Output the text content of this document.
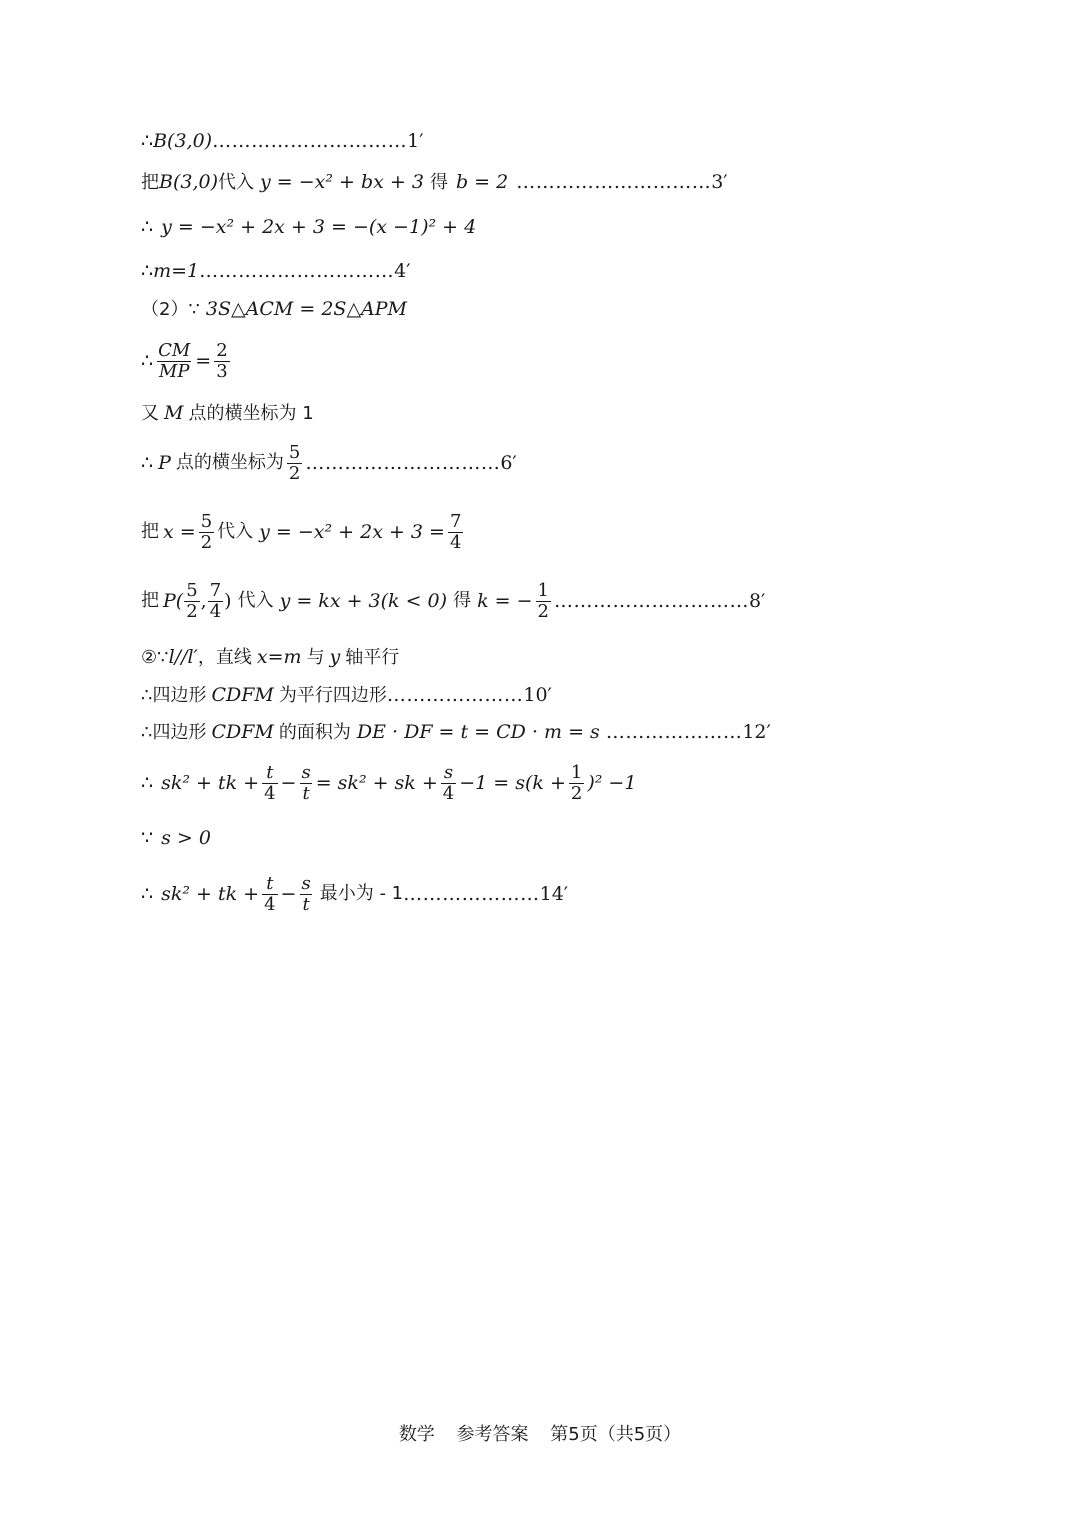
∴ B(3,0) ………………………… 1′
把 B(3,0) 代入 y = −x² + bx + 3 得 b = 2 ………………………… 3′
∴ y = −x² + 2x + 3 = −(x −1)² + 4
∴ m=1 ………………………… 4′
（2）∵ 3S△ACM = 2S△APM
∴ $\frac{CM}{MP} = \frac{2}{3}$
又 M 点的横坐标为 1
∴ P 点的横坐标为 $\frac{5}{2}$ ………………………… 6′
把 $x = \frac{5}{2}$ 代入 $y = -x^2 + 2x + 3 = \frac{7}{4}$
把 $P( \frac{5}{2}$ , $\frac{7}{4}$ ) 代入 y = kx + 3(k < 0) 得 k = − $\frac{1}{2}$ ………………………… 8′
②∵ l//l′ ，直线 x=m 与 y 轴平行
∴四边形 CDFM 为平行四边形 ………………… 10′
∴四边形 CDFM 的面积为 DE · DF = t = CD · m = s ………………… 12′
∴ sk² + tk + $\frac{t}{4} - \frac{s}{t} = sk^2$ + sk + $\frac{s}{4} -1 = s(k + \frac{1}{2} )^2 -1$
∵ s > 0
∴ sk² + tk + $\frac{t}{4} - \frac{s}{t}$ 最小为 - 1 ………………… 14′
数学 参考答案 第5页（共5页）
